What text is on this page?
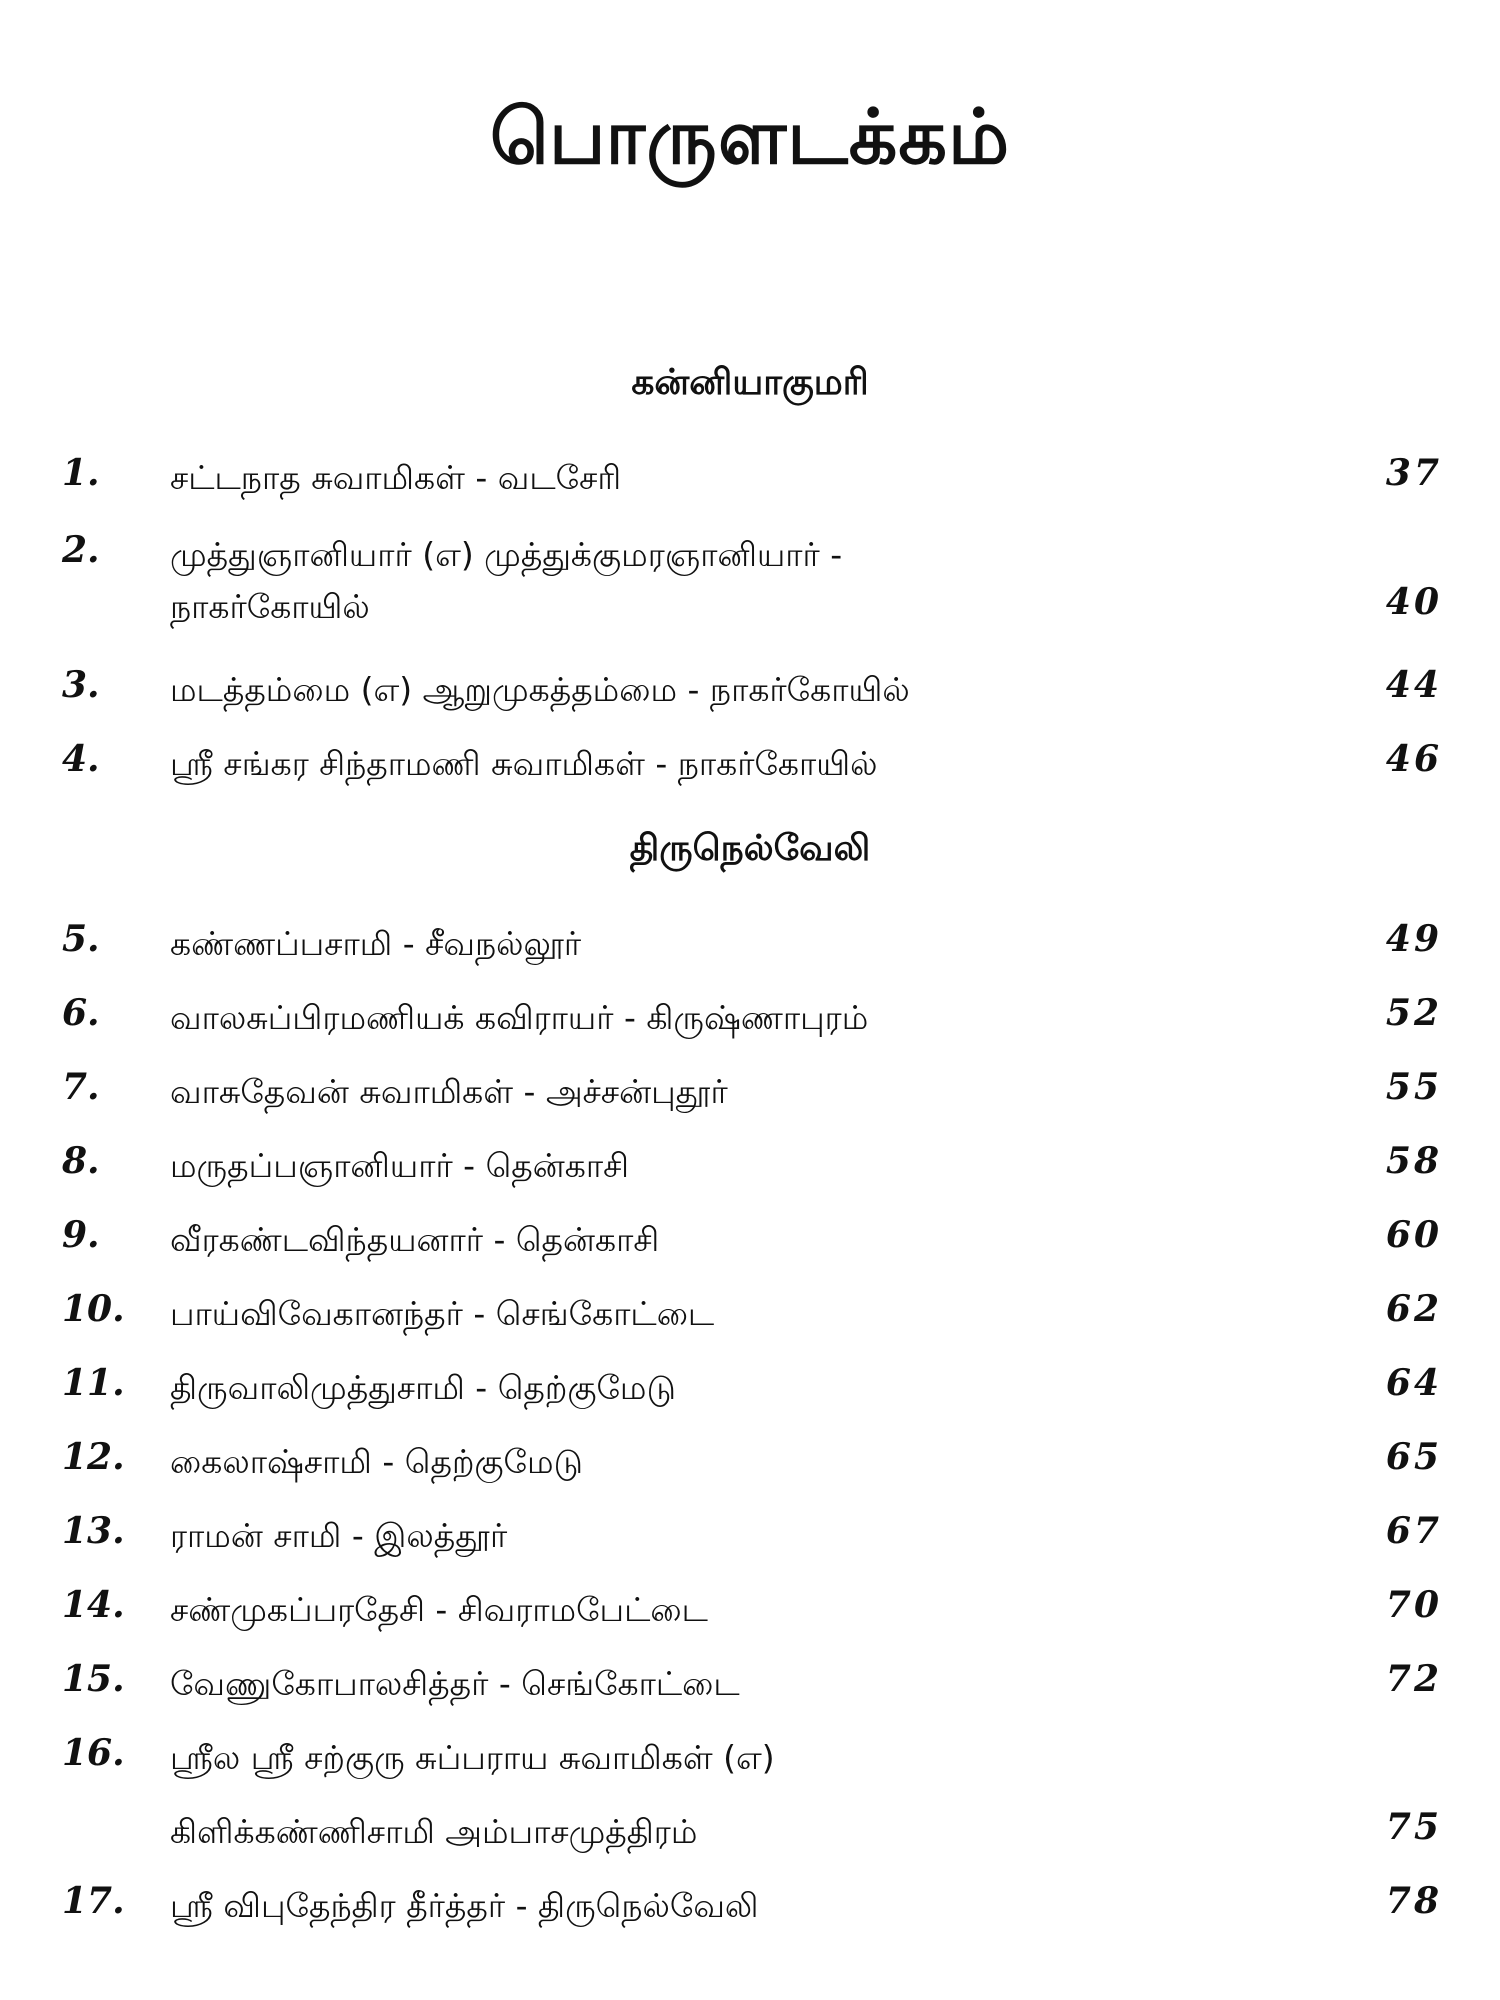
பொருளடக்கம்
கன்னியாகுமரி
1.	சட்டநாத சுவாமிகள் - வடசேரி	37
2.	முத்துஞானியார் (எ) முத்துக்குமரஞானியார் -
நாகர்கோயில்	40
3.	மடத்தம்மை (எ) ஆறுமுகத்தம்மை - நாகர்கோயில்	44
4.	ஸ்ரீ சங்கர சிந்தாமணி சுவாமிகள் - நாகர்கோயில்	46
திருநெல்வேலி
5.	கண்ணப்பசாமி - சீவநல்லூர்	49
6.	வாலசுப்பிரமணியக் கவிராயர் - கிருஷ்ணாபுரம்	52
7.	வாசுதேவன் சுவாமிகள் - அச்சன்புதூர்	55
8.	மருதப்பஞானியார் - தென்காசி	58
9.	வீரகண்டவிந்தயனார் - தென்காசி	60
10.	பாய்விவேகானந்தர் - செங்கோட்டை	62
11.	திருவாலிமுத்துசாமி - தெற்குமேடு	64
12.	கைலாஷ்சாமி - தெற்குமேடு	65
13.	ராமன் சாமி - இலத்தூர்	67
14.	சண்முகப்பரதேசி - சிவராமபேட்டை	70
15.	வேணுகோபாலசித்தர் - செங்கோட்டை	72
16.	ஸ்ரீல ஸ்ரீ சற்குரு சுப்பராய சுவாமிகள் (எ)
கிளிக்கண்ணிசாமி அம்பாசமுத்திரம்	75
17.	ஸ்ரீ விபுதேந்திர தீர்த்தர் - திருநெல்வேலி	78
